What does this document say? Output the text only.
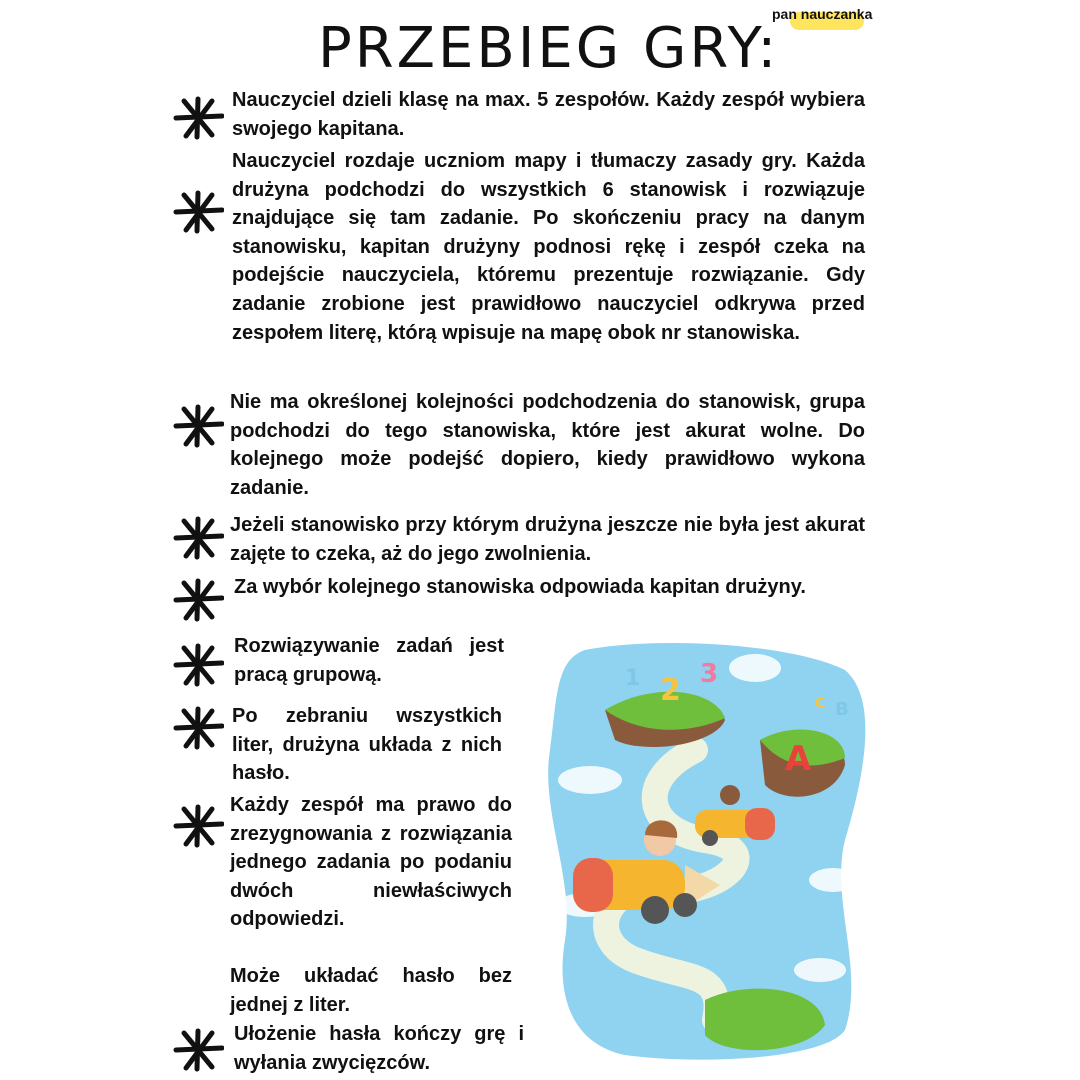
pan nauczanka
PRZEBIEG GRY:

Nauczyciel dzieli klasę na max. 5 zespołów. Każdy zespół wybiera swojego kapitana.

Nauczyciel rozdaje uczniom mapy i tłumaczy zasady gry. Każda drużyna podchodzi do wszystkich 6 stanowisk i rozwiązuje znajdujące się tam zadanie. Po skończeniu pracy na danym stanowisku, kapitan drużyny podnosi rękę i zespół czeka na podejście nauczyciela, któremu prezentuje rozwiązanie. Gdy zadanie zrobione jest prawidłowo nauczyciel odkrywa przed zespołem literę, którą wpisuje na mapę obok nr stanowiska.

Nie ma określonej kolejności podchodzenia do stanowisk, grupa podchodzi do tego stanowiska, które jest akurat wolne. Do kolejnego może podejść dopiero, kiedy prawidłowo wykona zadanie.

Jeżeli stanowisko przy którym drużyna jeszcze nie była jest akurat zajęte to czeka, aż do jego zwolnienia.

Za wybór kolejnego stanowiska odpowiada kapitan drużyny.

Rozwiązywanie zadań jest pracą grupową.

Po zebraniu wszystkich liter, drużyna układa z nich hasło.

Każdy zespół ma prawo do zrezygnowania z rozwiązania jednego zadania po podaniu dwóch niewłaściwych odpowiedzi.

Może układać hasło bez jednej z liter.

Ułożenie hasła kończy grę i wyłania zwycięzców.

1 2 3
A
B
C
